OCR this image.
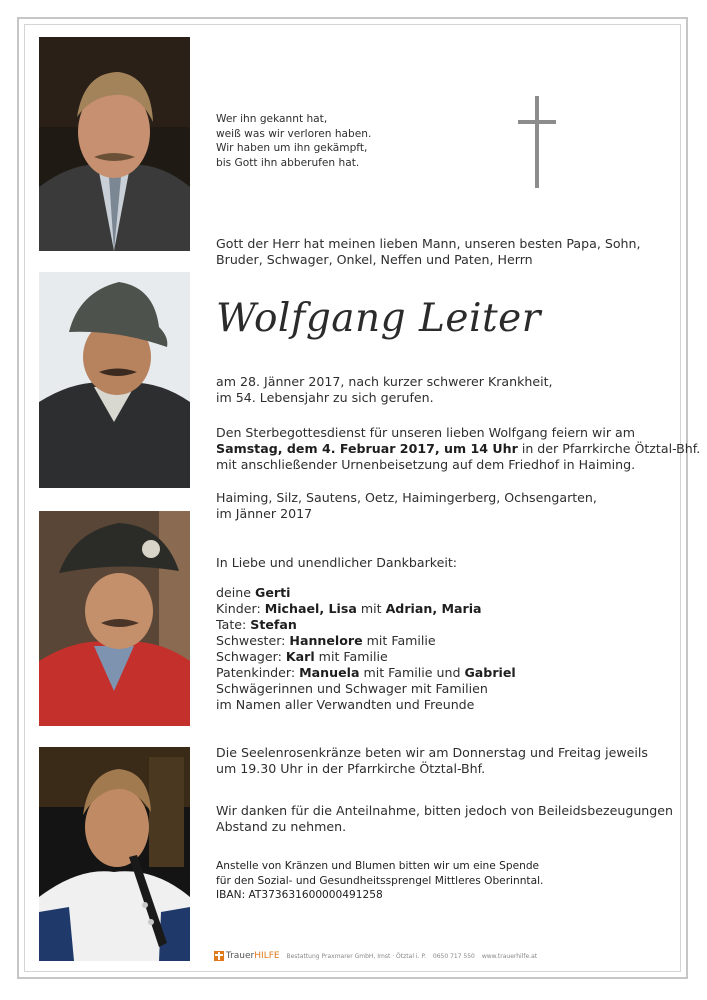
Wer ihn gekannt hat,
weiß was wir verloren haben.
Wir haben um ihn gekämpft,
bis Gott ihn abberufen hat.
Gott der Herr hat meinen lieben Mann, unseren besten Papa, Sohn,
Bruder, Schwager, Onkel, Neffen und Paten, Herrn
Wolfgang Leiter
am 28. Jänner 2017, nach kurzer schwerer Krankheit,
im 54. Lebensjahr zu sich gerufen.
Den Sterbegottesdienst für unseren lieben Wolfgang feiern wir am
Samstag, dem 4. Februar 2017, um 14 Uhr in der Pfarrkirche Ötztal-Bhf.
mit anschließender Urnenbeisetzung auf dem Friedhof in Haiming.
Haiming, Silz, Sautens, Oetz, Haimingerberg, Ochsengarten,
im Jänner 2017
In Liebe und unendlicher Dankbarkeit:
deine Gerti
Kinder: Michael, Lisa mit Adrian, Maria
Tate: Stefan
Schwester: Hannelore mit Familie
Schwager: Karl mit Familie
Patenkinder: Manuela mit Familie und Gabriel
Schwägerinnen und Schwager mit Familien
im Namen aller Verwandten und Freunde
Die Seelenrosenkränze beten wir am Donnerstag und Freitag jeweils
um 19.30 Uhr in der Pfarrkirche Ötztal-Bhf.
Wir danken für die Anteilnahme, bitten jedoch von Beileidsbezeugungen
Abstand zu nehmen.
Anstelle von Kränzen und Blumen bitten wir um eine Spende
für den Sozial- und Gesundheitssprengel Mittleres Oberinntal.
IBAN: AT373631600000491258
TrauerHILFE Bestattung Praxmarer GmbH, Imst · Ötztal i. P. 0650 717 550 www.trauerhilfe.at
